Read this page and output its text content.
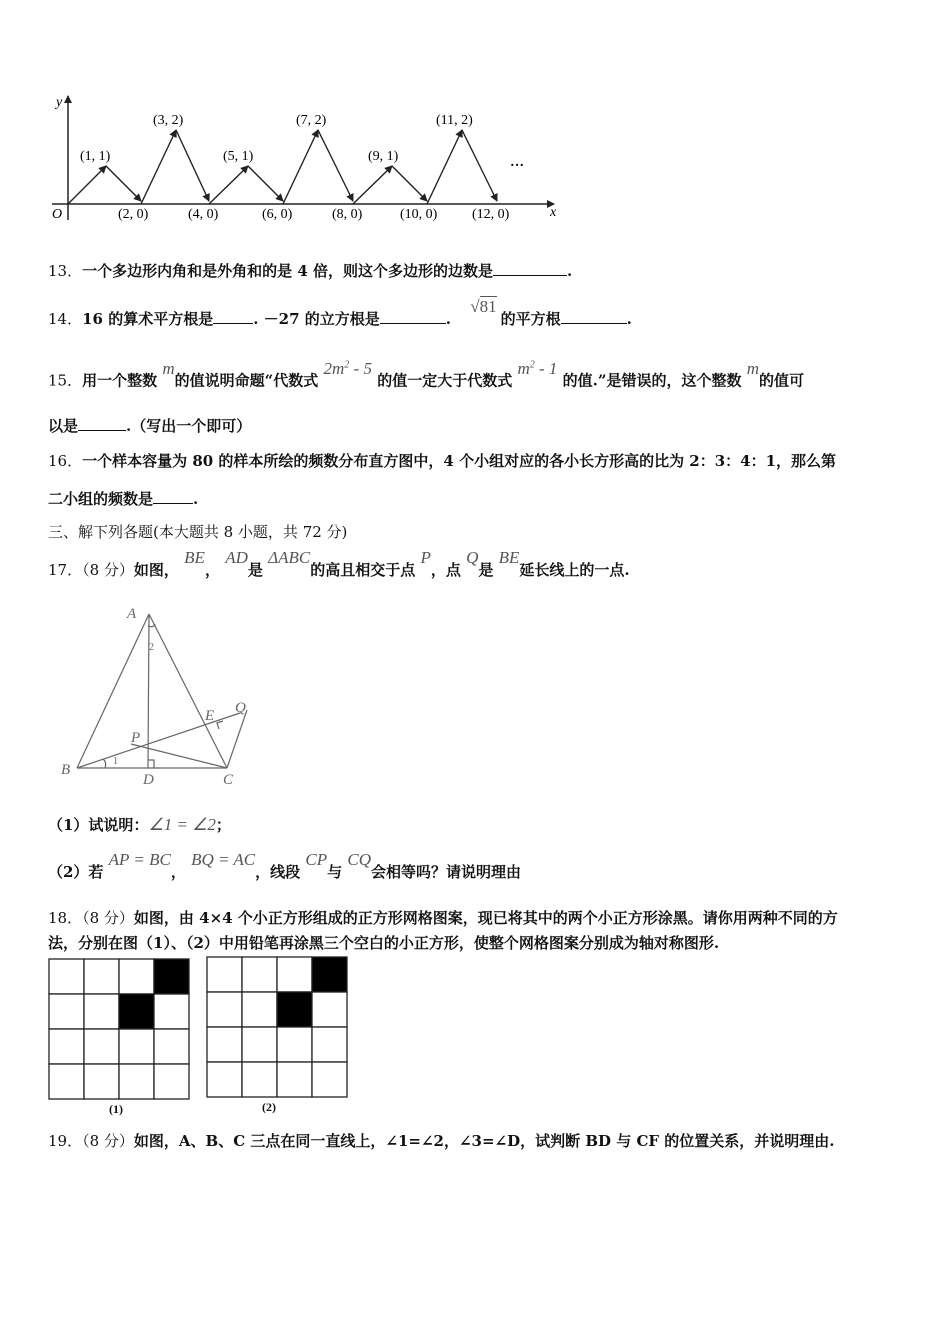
x
y
O
(1, 1)
(3, 2)
(5, 1)
(7, 2)
(9, 1)
(11, 2)
(2, 0)	(4, 0)	(6, 0)	(8, 0)	(10, 0) (12, 0)
…
13．一个多边形内角和是外角和的是 4 倍，则这个多边形的边数是	.
14．16 的算术平方根是	. －27 的立方根是	. √81的平方根	.
15．用一个整数 m的值说明命题“代数式 $2m^2 - 5$ 的值一定大于代数式 $m^2 - 1$ 的值.”是错误的，这个整数 m的值可
以是	.（写出一个即可）
16．一个样本容量为 80 的样本所绘的频数分布直方图中，4 个小组对应的各小长方形高的比为 2：3：4：1，那么第
二小组的频数是	.
三、解下列各题(本大题共 8 小题，共 72 分)
17．（8 分）如图， BE， AD是 ΔABC的高且相交于点 P，点 Q是 BE延长线上的一点.
A
B
C
D
E
P
Q
1
2
（1）试说明：∠1 = ∠2；
（2）若 AP = BC， BQ = AC，线段 CP与 CQ会相等吗？请说明理由
18．（8 分）如图，由 4×4 个小正方形组成的正方形网格图案，现已将其中的两个小正方形涂黑。请你用两种不同的方
法，分别在图（1）、（2）中用铅笔再涂黑三个空白的小正方形，使整个网格图案分别成为轴对称图形.
(1)	(2)
19．（8 分）如图，A、B、C 三点在同一直线上，∠1=∠2，∠3=∠D，试判断 BD 与 CF 的位置关系，并说明理由.
